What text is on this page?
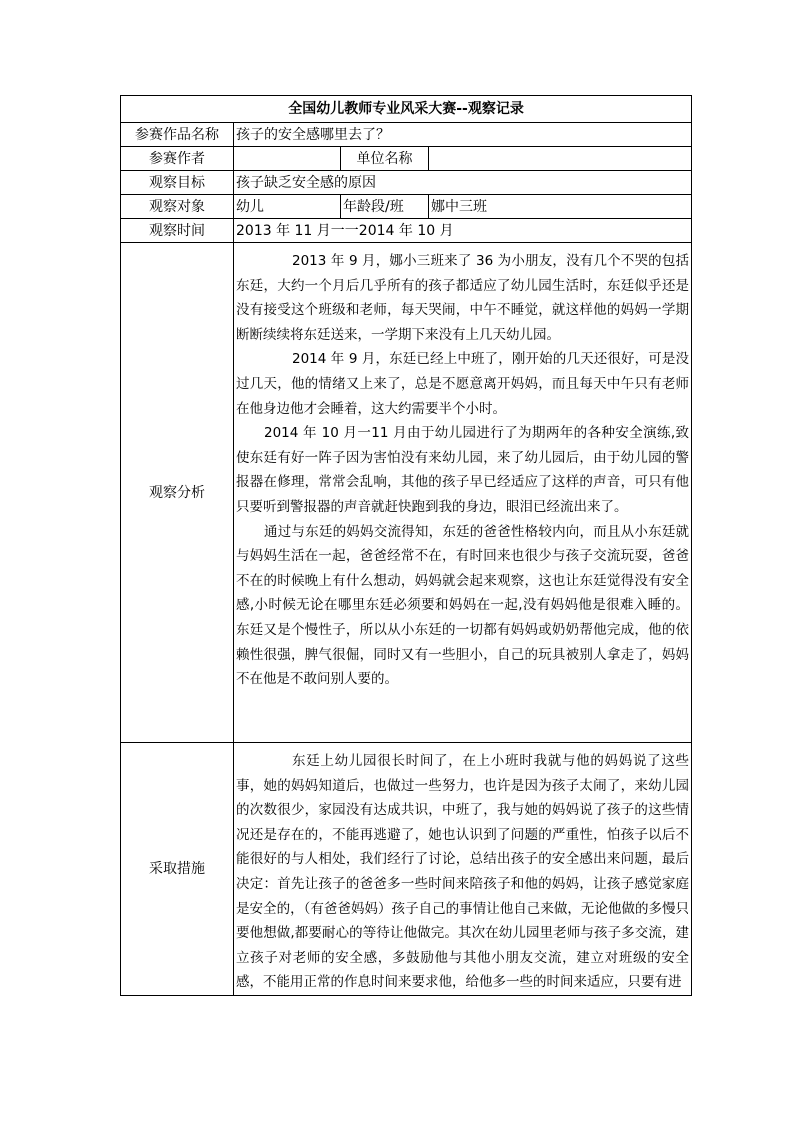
全国幼儿教师专业风采大赛--观察记录			
参赛作品名称	孩子的安全感哪里去了？		
参赛作者		单位名称	
观察目标	孩子缺乏安全感的原因		
观察对象	幼儿	年龄段/班	娜中三班
观察时间	2013 年 11 月一一2014 年 10 月		
观察分析	2013 年 9 月，娜小三班来了 36 为小朋友，没有几个不哭的包括东廷，大约一个月后几乎所有的孩子都适应了幼儿园生活时，东廷似乎还是没有接受这个班级和老师，每天哭闹，中午不睡觉，就这样他的妈妈一学期断断续续将东廷送来，一学期下来没有上几天幼儿园。

2014 年 9 月，东廷已经上中班了，刚开始的几天还很好，可是没过几天，他的情绪又上来了，总是不愿意离开妈妈，而且每天中午只有老师在他身边他才会睡着，这大约需要半个小时。

2014 年 10 月一11 月由于幼儿园进行了为期两年的各种安全演练,致使东廷有好一阵子因为害怕没有来幼儿园，来了幼儿园后，由于幼儿园的警报器在修理，常常会乱响，其他的孩子早已经适应了这样的声音，可只有他只要听到警报器的声音就赶快跑到我的身边，眼泪已经流出来了。

通过与东廷的妈妈交流得知，东廷的爸爸性格较内向，而且从小东廷就与妈妈生活在一起，爸爸经常不在，有时回来也很少与孩子交流玩耍，爸爸不在的时候晚上有什么想动，妈妈就会起来观察，这也让东廷觉得没有安全感,小时候无论在哪里东廷必须要和妈妈在一起,没有妈妈他是很难入睡的。东廷又是个慢性子，所以从小东廷的一切都有妈妈或奶奶帮他完成，他的依赖性很强，脾气很倔，同时又有一些胆小，自己的玩具被别人拿走了，妈妈不在他是不敢问别人要的。		

采取措施	东廷上幼儿园很长时间了，在上小班时我就与他的妈妈说了这些事，她的妈妈知道后，也做过一些努力，也许是因为孩子太闹了，来幼儿园的次数很少，家园没有达成共识，中班了，我与她的妈妈说了孩子的这些情况还是存在的，不能再逃避了，她也认识到了问题的严重性，怕孩子以后不能很好的与人相处，我们经行了讨论，总结出孩子的安全感出来问题，最后决定：首先让孩子的爸爸多一些时间来陪孩子和他的妈妈，让孩子感觉家庭是安全的，（有爸爸妈妈）孩子自己的事情让他自己来做，无论他做的多慢只要他想做,都要耐心的等待让他做完。其次在幼儿园里老师与孩子多交流，建立孩子对老师的安全感，多鼓励他与其他小朋友交流，建立对班级的安全感，不能用正常的作息时间来要求他，给他多一些的时间来适应，只要有进		
